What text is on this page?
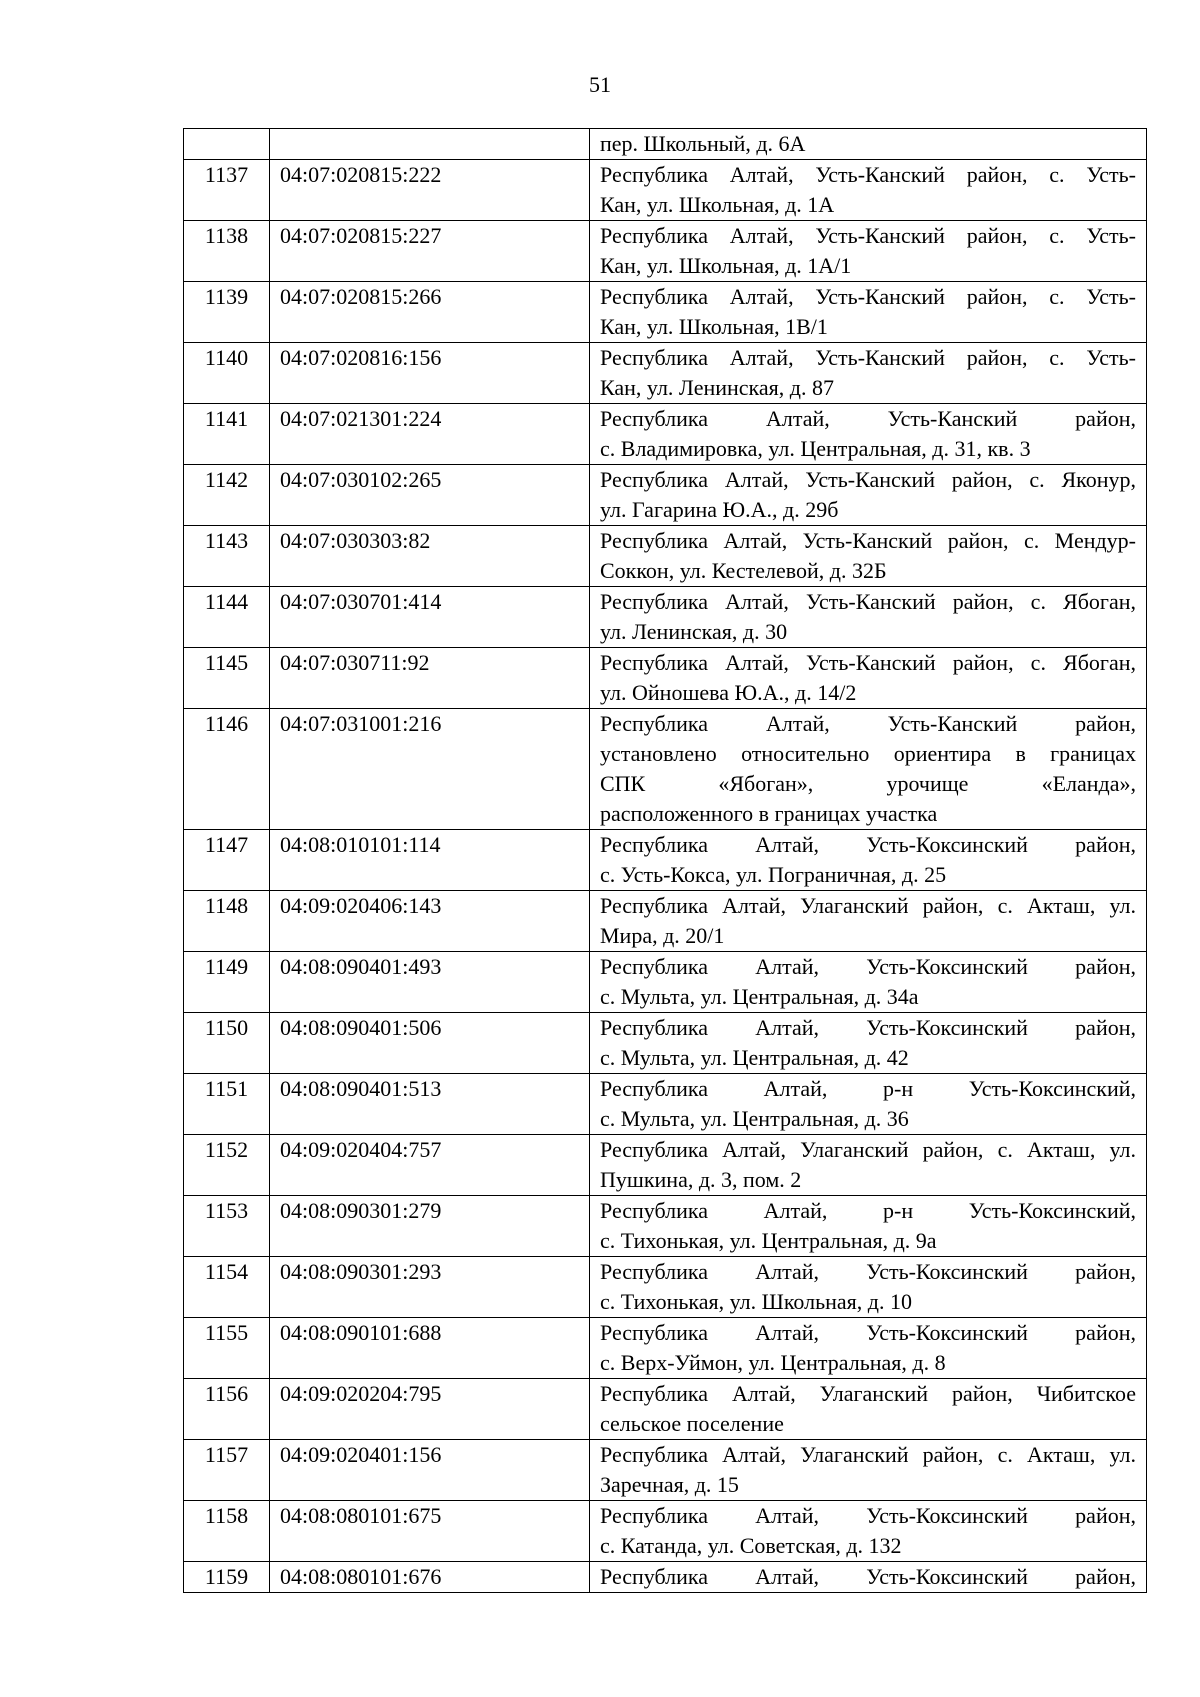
51

		пер. Школьный, д. 6А

1137	04:07:020815:222	Республика Алтай, Усть-Канский район, с. Усть-
Кан, ул. Школьная, д. 1А

1138	04:07:020815:227	Республика Алтай, Усть-Канский район, с. Усть-
Кан, ул. Школьная, д. 1А/1

1139	04:07:020815:266	Республика Алтай, Усть-Канский район, с. Усть-
Кан, ул. Школьная, 1В/1

1140	04:07:020816:156	Республика Алтай, Усть-Канский район, с. Усть-
Кан, ул. Ленинская, д. 87

1141	04:07:021301:224	Республика Алтай, Усть-Канский район,
с. Владимировка, ул. Центральная, д. 31, кв. 3

1142	04:07:030102:265	Республика Алтай, Усть-Канский район, с. Яконур,
ул. Гагарина Ю.А., д. 29б

1143	04:07:030303:82	Республика Алтай, Усть-Канский район, с. Мендур-
Соккон, ул. Кестелевой, д. 32Б

1144	04:07:030701:414	Республика Алтай, Усть-Канский район, с. Ябоган,
ул. Ленинская, д. 30

1145	04:07:030711:92	Республика Алтай, Усть-Канский район, с. Ябоган,
ул. Ойношева Ю.А., д. 14/2

1146	04:07:031001:216	Республика Алтай, Усть-Канский район,
установлено относительно ориентира в границах
СПК «Ябоган», урочище «Еланда»,
расположенного в границах участка

1147	04:08:010101:114	Республика Алтай, Усть-Коксинский район,
с. Усть-Кокса, ул. Пограничная, д. 25

1148	04:09:020406:143	Республика Алтай, Улаганский район, с. Акташ, ул.
Мира, д. 20/1

1149	04:08:090401:493	Республика Алтай, Усть-Коксинский район,
с. Мульта, ул. Центральная, д. 34а

1150	04:08:090401:506	Республика Алтай, Усть-Коксинский район,
с. Мульта, ул. Центральная, д. 42

1151	04:08:090401:513	Республика Алтай, р-н Усть-Коксинский,
с. Мульта, ул. Центральная, д. 36

1152	04:09:020404:757	Республика Алтай, Улаганский район, с. Акташ, ул.
Пушкина, д. 3, пом. 2

1153	04:08:090301:279	Республика Алтай, р-н Усть-Коксинский,
с. Тихонькая, ул. Центральная, д. 9а

1154	04:08:090301:293	Республика Алтай, Усть-Коксинский район,
с. Тихонькая, ул. Школьная, д. 10

1155	04:08:090101:688	Республика Алтай, Усть-Коксинский район,
с. Верх-Уймон, ул. Центральная, д. 8

1156	04:09:020204:795	Республика Алтай, Улаганский район, Чибитское
сельское поселение

1157	04:09:020401:156	Республика Алтай, Улаганский район, с. Акташ, ул.
Заречная, д. 15

1158	04:08:080101:675	Республика Алтай, Усть-Коксинский район,
с. Катанда, ул. Советская, д. 132

1159	04:08:080101:676	Республика Алтай, Усть-Коксинский район,
